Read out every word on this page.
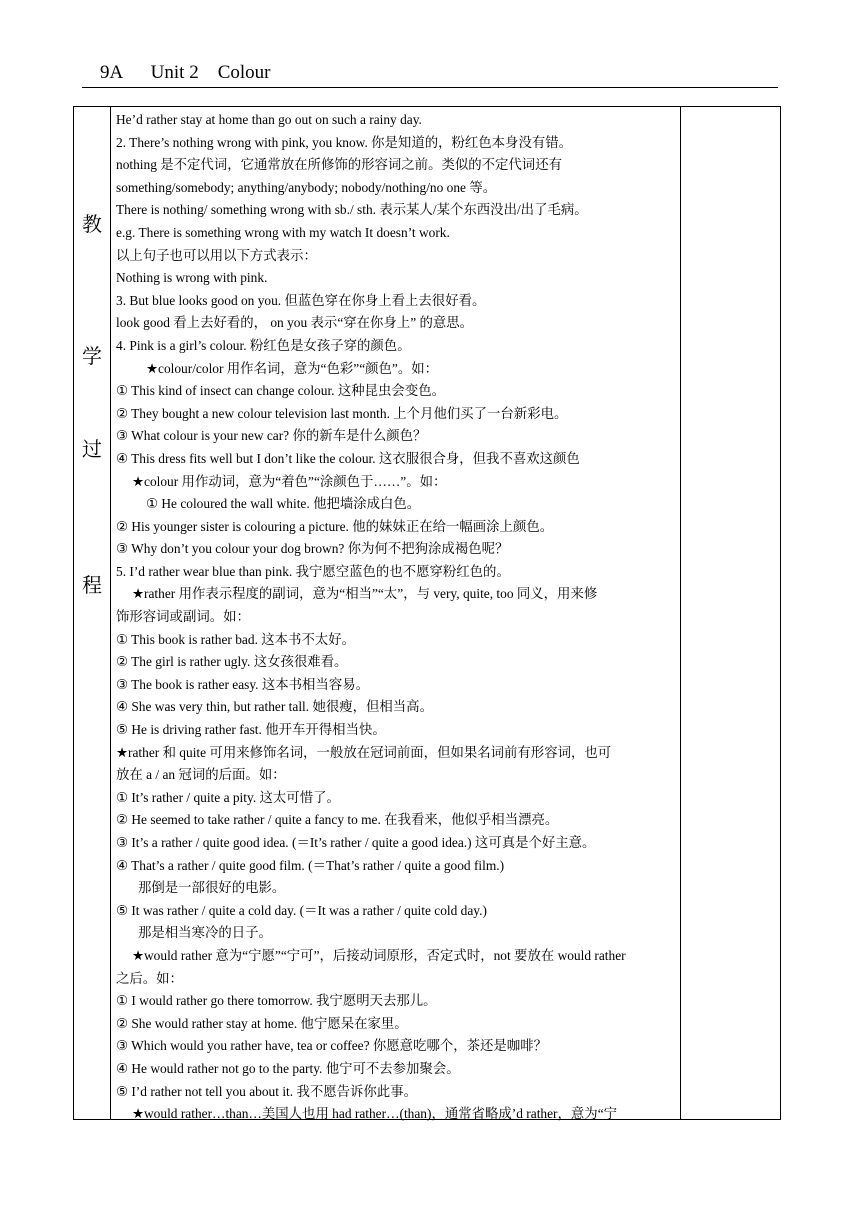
9A      Unit 2    Colour
教
学
过
程
He’d rather stay at home than go out on such a rainy day.
2. There’s nothing wrong with pink, you know. 你是知道的，粉红色本身没有错。
nothing 是不定代词，它通常放在所修饰的形容词之前。类似的不定代词还有
something/somebody; anything/anybody; nobody/nothing/no one 等。
There is nothing/ something wrong with sb./ sth. 表示某人/某个东西没出/出了毛病。
e.g. There is something wrong with my watch It doesn’t work.
以上句子也可以用以下方式表示：
Nothing is wrong with pink.
3. But blue looks good on you. 但蓝色穿在你身上看上去很好看。
look good 看上去好看的， on you 表示“穿在你身上” 的意思。
4. Pink is a girl’s colour. 粉红色是女孩子穿的颜色。
★colour/color 用作名词，意为“色彩”“颜色”。如：
① This kind of insect can change colour. 这种昆虫会变色。
② They bought a new colour television last month. 上个月他们买了一台新彩电。
③ What colour is your new car? 你的新车是什么颜色？
④ This dress fits well but I don’t like the colour. 这衣服很合身，但我不喜欢这颜色
★colour 用作动词，意为“着色”“涂颜色于……”。如：
① He coloured the wall white. 他把墙涂成白色。
② His younger sister is colouring a picture. 他的妹妹正在给一幅画涂上颜色。
③ Why don’t you colour your dog brown? 你为何不把狗涂成褐色呢？
5. I’d rather wear blue than pink. 我宁愿空蓝色的也不愿穿粉红色的。
★rather 用作表示程度的副词，意为“相当”“太”，与 very, quite, too 同义，用来修
饰形容词或副词。如：
① This book is rather bad. 这本书不太好。
② The girl is rather ugly. 这女孩很难看。
③ The book is rather easy. 这本书相当容易。
④ She was very thin, but rather tall. 她很瘦，但相当高。
⑤ He is driving rather fast. 他开车开得相当快。
★rather 和 quite 可用来修饰名词，一般放在冠词前面，但如果名词前有形容词，也可
放在 a / an 冠词的后面。如：
① It’s rather / quite a pity. 这太可惜了。
② He seemed to take rather / quite a fancy to me. 在我看来，他似乎相当漂亮。
③ It’s a rather / quite good idea. (＝It’s rather / quite a good idea.) 这可真是个好主意。
④ That’s a rather / quite good film. (＝That’s rather / quite a good film.)
那倒是一部很好的电影。
⑤ It was rather / quite a cold day. (＝It was a rather / quite cold day.)
那是相当寒冷的日子。
★would rather 意为“宁愿”“宁可”，后接动词原形，否定式时，not 要放在 would rather
之后。如：
① I would rather go there tomorrow. 我宁愿明天去那儿。
② She would rather stay at home. 他宁愿呆在家里。
③ Which would you rather have, tea or coffee? 你愿意吃哪个，茶还是咖啡？
④ He would rather not go to the party. 他宁可不去参加聚会。
⑤ I’d rather not tell you about it. 我不愿告诉你此事。
★would rather…than…美国人也用 had rather…(than)，通常省略成’d rather，意为“宁
